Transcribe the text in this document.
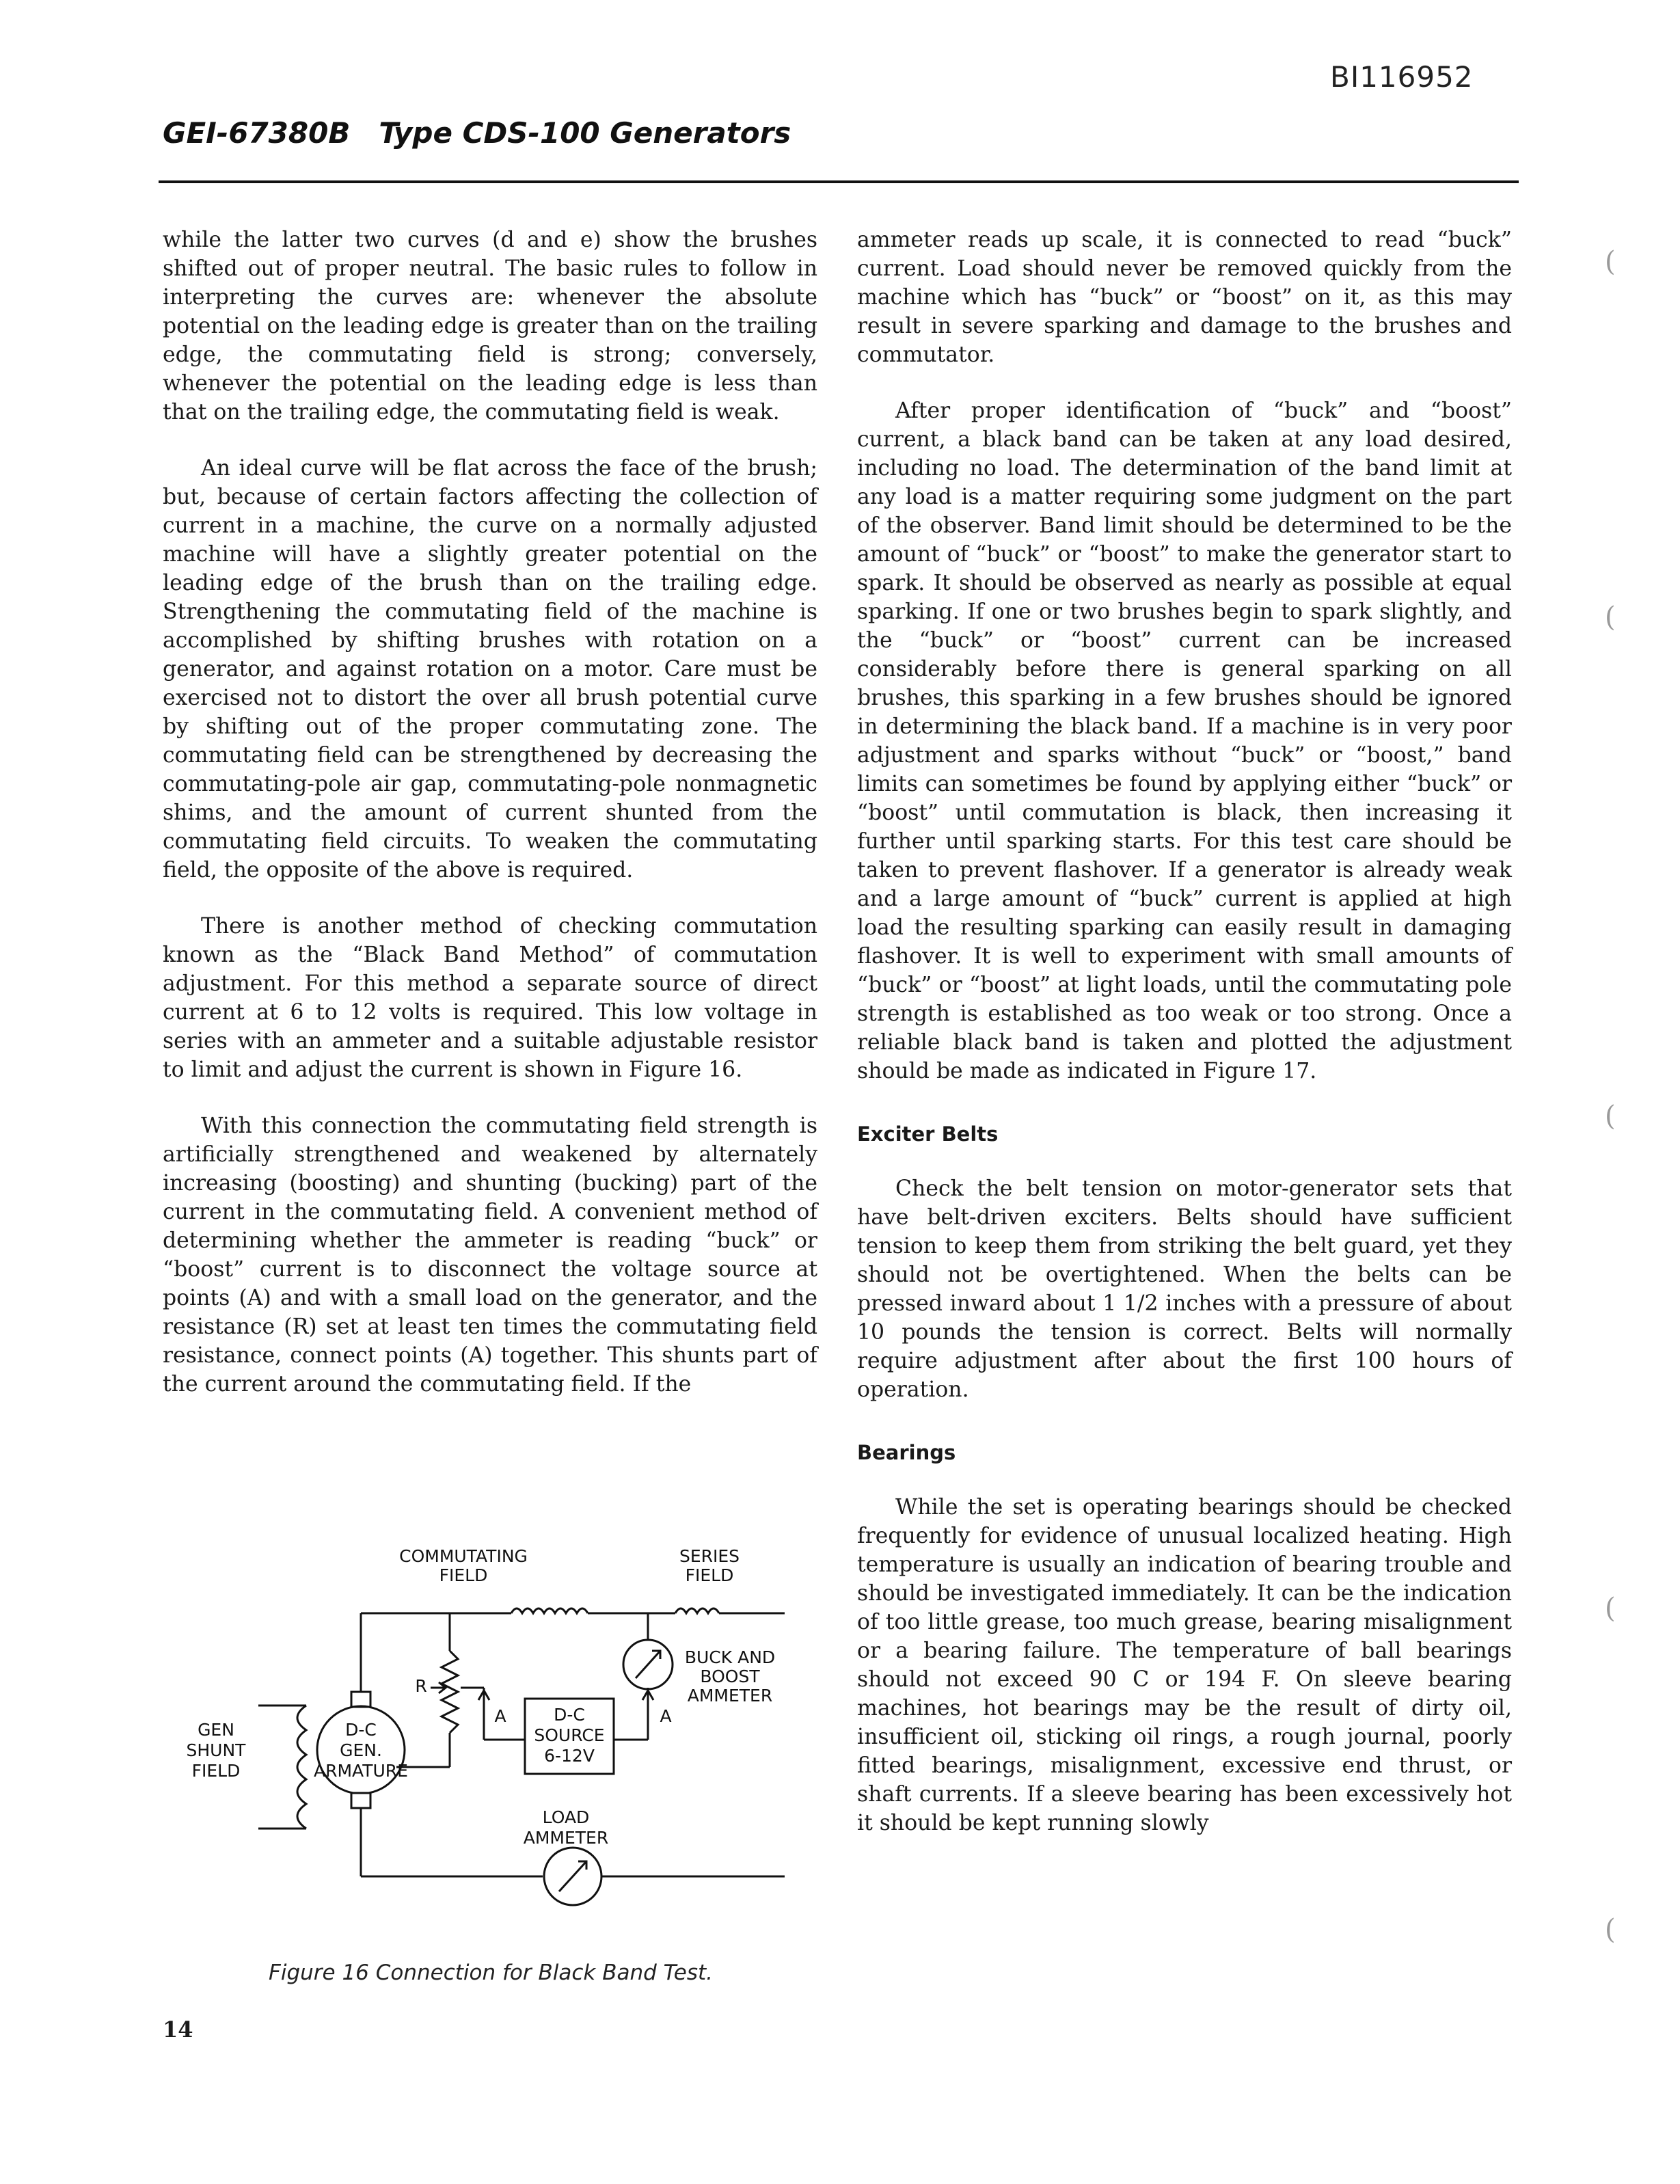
BI116952
GEI-67380B Type CDS-100 Generators

while the latter two curves (d and e) show the brushes shifted out of proper neutral. The basic rules to follow in interpreting the curves are: whenever the absolute potential on the leading edge is greater than on the trailing edge, the commutating field is strong; conversely, whenever the potential on the leading edge is less than that on the trailing edge, the commutating field is weak.

An ideal curve will be flat across the face of the brush; but, because of certain factors affecting the collection of current in a machine, the curve on a normally adjusted machine will have a slightly greater potential on the leading edge of the brush than on the trailing edge. Strengthening the commutating field of the machine is accomplished by shifting brushes with rotation on a generator, and against rotation on a motor. Care must be exercised not to distort the over all brush potential curve by shifting out of the proper commutating zone. The commutating field can be strengthened by decreasing the commutating-pole air gap, commutating-pole nonmagnetic shims, and the amount of current shunted from the commutating field circuits. To weaken the commutating field, the opposite of the above is required.

There is another method of checking commutation known as the “Black Band Method” of commutation adjustment. For this method a separate source of direct current at 6 to 12 volts is required. This low voltage in series with an ammeter and a suitable adjustable resistor to limit and adjust the current is shown in Figure 16.

With this connection the commutating field strength is artificially strengthened and weakened by alternately increasing (boosting) and shunting (bucking) part of the current in the commutating field. A convenient method of determining whether the ammeter is reading “buck” or “boost” current is to disconnect the voltage source at points (A) and with a small load on the generator, and the resistance (R) set at least ten times the commutating field resistance, connect points (A) together. This shunts part of the current around the commutating field. If the

COMMUTATING
FIELD
SERIES
FIELD
BUCK AND
BOOST
AMMETER
R
A	A
D-C
SOURCE
6-12V
GEN
SHUNT
FIELD
D-C
GEN.
ARMATURE
LOAD
AMMETER
Figure 16 Connection for Black Band Test.

ammeter reads up scale, it is connected to read “buck” current. Load should never be removed quickly from the machine which has “buck” or “boost” on it, as this may result in severe sparking and damage to the brushes and commutator.

After proper identification of “buck” and “boost” current, a black band can be taken at any load desired, including no load. The determination of the band limit at any load is a matter requiring some judgment on the part of the observer. Band limit should be determined to be the amount of “buck” or “boost” to make the generator start to spark. It should be observed as nearly as possible at equal sparking. If one or two brushes begin to spark slightly, and the “buck” or “boost” current can be increased considerably before there is general sparking on all brushes, this sparking in a few brushes should be ignored in determining the black band. If a machine is in very poor adjustment and sparks without “buck” or “boost,” band limits can sometimes be found by applying either “buck” or “boost” until commutation is black, then increasing it further until sparking starts. For this test care should be taken to prevent flashover. If a generator is already weak and a large amount of “buck” current is applied at high load the resulting sparking can easily result in damaging flashover. It is well to experiment with small amounts of “buck” or “boost” at light loads, until the commutating pole strength is established as too weak or too strong. Once a reliable black band is taken and plotted the adjustment should be made as indicated in Figure 17.

Exciter Belts

Check the belt tension on motor-generator sets that have belt-driven exciters. Belts should have sufficient tension to keep them from striking the belt guard, yet they should not be overtightened. When the belts can be pressed inward about 1 1/2 inches with a pressure of about 10 pounds the tension is correct. Belts will normally require adjustment after about the first 100 hours of operation.

Bearings

While the set is operating bearings should be checked frequently for evidence of unusual localized heating. High temperature is usually an indication of bearing trouble and should be investigated immediately. It can be the indication of too little grease, too much grease, bearing misalignment or a bearing failure. The temperature of ball bearings should not exceed 90 C or 194 F. On sleeve bearing machines, hot bearings may be the result of dirty oil, insufficient oil, sticking oil rings, a rough journal, poorly fitted bearings, misalignment, excessive end thrust, or shaft currents. If a sleeve bearing has been excessively hot it should be kept running slowly

14
(
(
(
(
(
